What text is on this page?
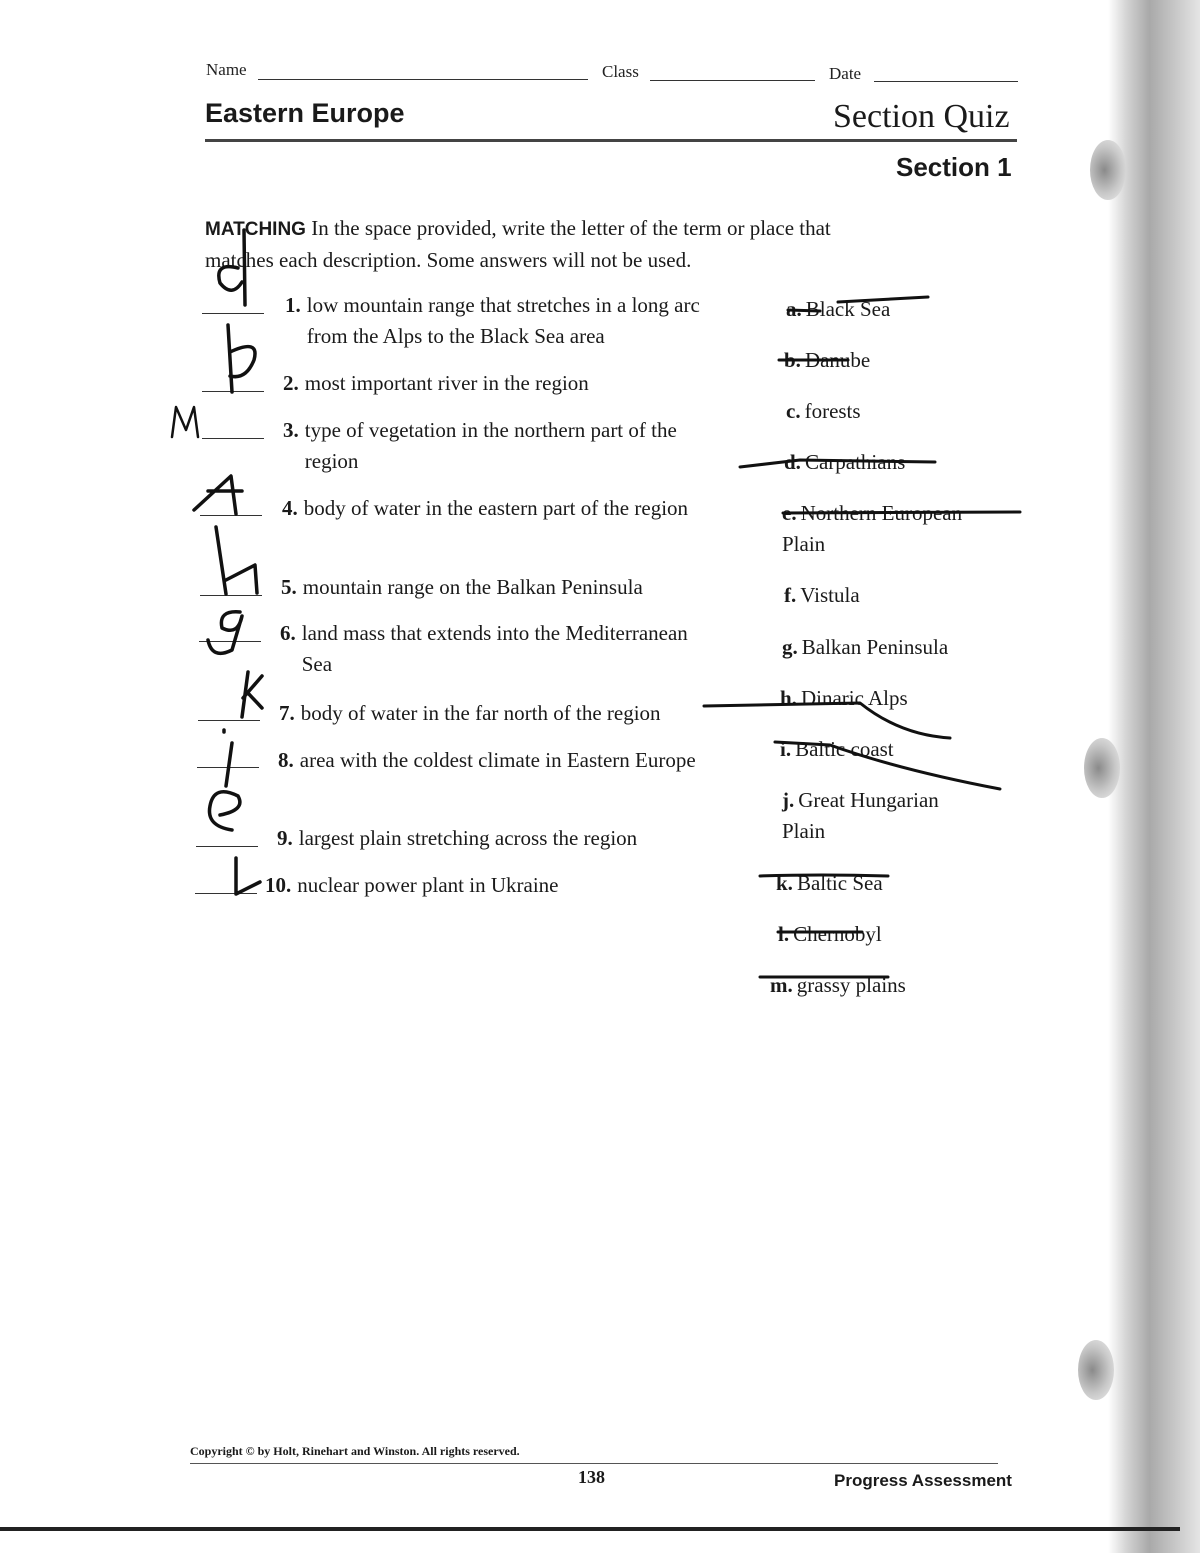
Name	Class	Date
Eastern Europe	Section Quiz
Section 1
MATCHING In the space provided, write the letter of the term or place that matches each description. Some answers will not be used.
1. low mountain range that stretches in a long arc from the Alps to the Black Sea area
2. most important river in the region
3. type of vegetation in the northern part of the region
4. body of water in the eastern part of the region
5. mountain range on the Balkan Peninsula
6. land mass that extends into the Mediterranean Sea
7. body of water in the far north of the region
8. area with the coldest climate in Eastern Europe
9. largest plain stretching across the region
10. nuclear power plant in Ukraine
a. Black Sea
b. Danube
c. forests
d. Carpathians
e. Northern European Plain
f. Vistula
g. Balkan Peninsula
h. Dinaric Alps
i. Baltic coast
j. Great Hungarian Plain
k. Baltic Sea
l. Chernobyl
m. grassy plains
Copyright © by Holt, Rinehart and Winston. All rights reserved.
138	Progress Assessment
